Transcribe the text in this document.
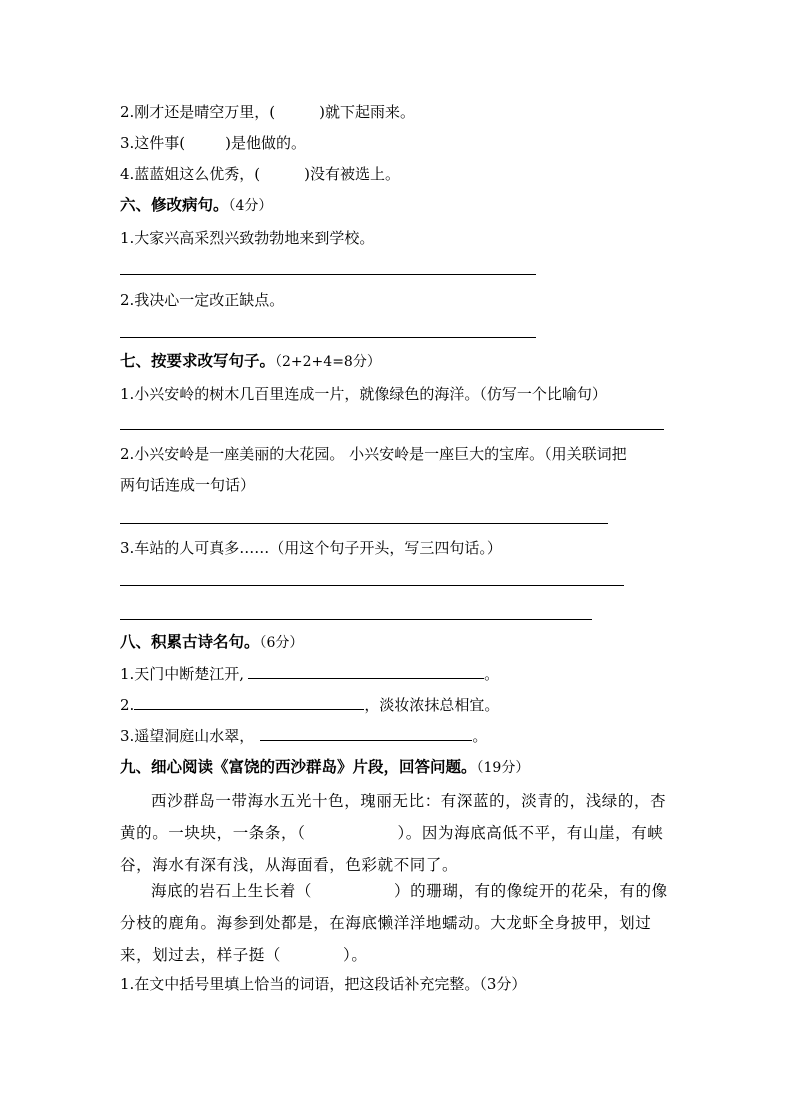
2.刚才还是晴空万里，(	)就下起雨来。
3.这件事(	)是他做的。
4.蓝蓝姐这么优秀，(	)没有被选上。
六、修改病句。（4分）
1.大家兴高采烈兴致勃勃地来到学校。
2.我决心一定改正缺点。
七、按要求改写句子。（2+2+4=8分）
1.小兴安岭的树木几百里连成一片，就像绿色的海洋。（仿写一个比喻句）
2.小兴安岭是一座美丽的大花园。 小兴安岭是一座巨大的宝库。（用关联词把
两句话连成一句话）
3.车站的人可真多……（用这个句子开头，写三四句话。）
八、积累古诗名句。（6分）
1.天门中断楚江开,	。
2.	，淡妆浓抹总相宜。
3.遥望洞庭山水翠，	。
九、细心阅读《富饶的西沙群岛》片段，回答问题。（19分）

西沙群岛一带海水五光十色，瑰丽无比：有深蓝的，淡青的，浅绿的，杏黄的。一块块，一条条，（	）。因为海底高低不平，有山崖，有峡谷，海水有深有浅，从海面看，色彩就不同了。

海底的岩石上生长着（	）的珊瑚，有的像绽开的花朵，有的像分枝的鹿角。海参到处都是，在海底懒洋洋地蠕动。大龙虾全身披甲，划过来，划过去，样子挺（	）。

1.在文中括号里填上恰当的词语，把这段话补充完整。（3分）
